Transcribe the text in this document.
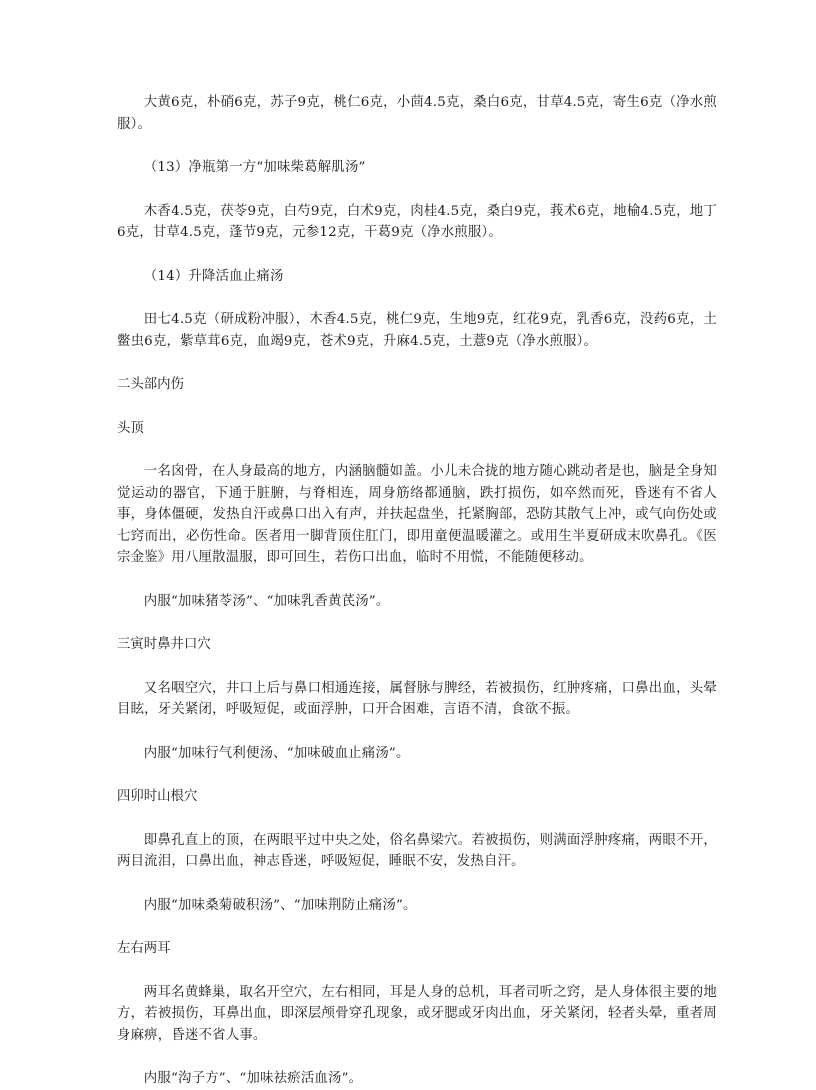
大黄6克，朴硝6克，苏子9克，桃仁6克，小茴4.5克，桑白6克，甘草4.5克，寄生6克（净水煎服）。

（13）净瓶第一方“加味柴葛解肌汤”

木香4.5克，茯苓9克，白芍9克，白术9克，肉桂4.5克，桑白9克，莪术6克，地榆4.5克，地丁6克，甘草4.5克，蓬节9克，元参12克，干葛9克（净水煎服）。

（14）升降活血止痛汤

田七4.5克（研成粉冲服），木香4.5克，桃仁9克，生地9克，红花9克，乳香6克，没药6克，土鳖虫6克，紫草茸6克，血竭9克，苍术9克，升麻4.5克，土薏9克（净水煎服）。

二头部内伤

头顶

一名囟骨，在人身最高的地方，内涵脑髓如盖。小儿未合拢的地方随心跳动者是也，脑是全身知觉运动的器官，下通于脏腑，与脊相连，周身筋络都通脑，跌打损伤，如卒然而死，昏迷有不省人事，身体僵硬，发热自汗或鼻口出入有声，并扶起盘坐，托紧胸部，恐防其散气上冲，或气向伤处或七窍而出，必伤性命。医者用一脚背顶住肛门，即用童便温暖灌之。或用生半夏研成末吹鼻孔。《医宗金鉴》用八厘散温服，即可回生，若伤口出血，临时不用慌，不能随便移动。

内服“加味猪苓汤”、“加味乳香黄芪汤”。

三寅时鼻井口穴

又名咽空穴，井口上后与鼻口相通连接，属督脉与脾经，若被损伤，红肿疼痛，口鼻出血，头晕目眩，牙关紧闭，呼吸短促，或面浮肿，口开合困难，言语不清，食欲不振。

内服“加味行气利便汤、“加味破血止痛汤”。

四卯时山根穴

即鼻孔直上的顶，在两眼平过中央之处，俗名鼻梁穴。若被损伤，则满面浮肿疼痛，两眼不开，两目流泪，口鼻出血，神志昏迷，呼吸短促，睡眠不安，发热自汗。

内服“加味桑菊破积汤”、“加味荆防止痛汤”。

左右两耳

两耳名黄蜂巢，取名开空穴，左右相同，耳是人身的总机，耳者司听之窍，是人身体很主要的地方，若被损伤，耳鼻出血，即深层颅骨穿孔现象，或牙腮或牙肉出血，牙关紧闭，轻者头晕，重者周身麻痹，昏迷不省人事。

内服“沟子方”、“加味祛瘀活血汤”。
